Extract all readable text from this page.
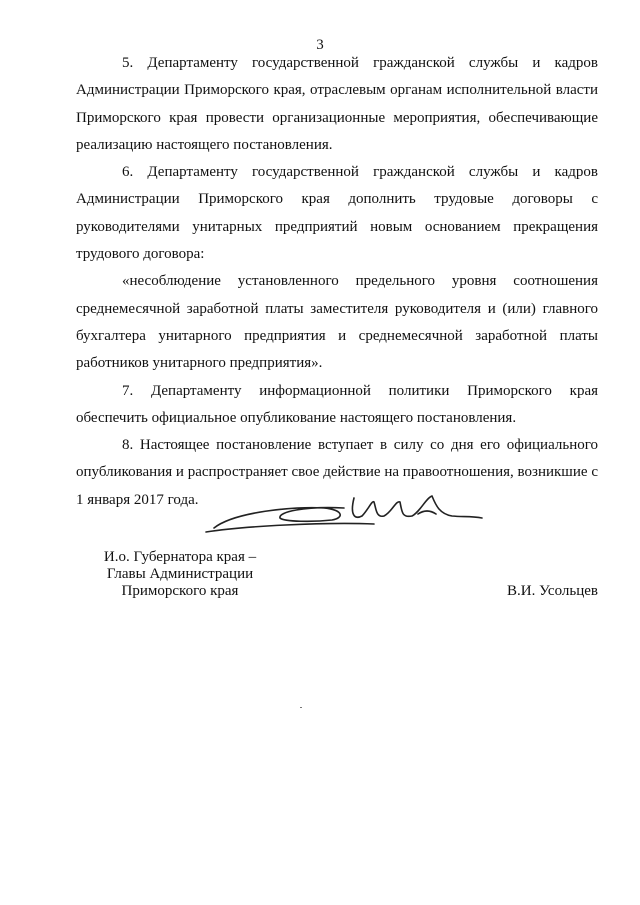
3

5. Департаменту государственной гражданской службы и кадров Администрации Приморского края, отраслевым органам исполнительной власти Приморского края провести организационные мероприятия, обеспечивающие реализацию настоящего постановления.

6. Департаменту государственной гражданской службы и кадров Администрации Приморского края дополнить трудовые договоры с руководителями унитарных предприятий новым основанием прекращения трудового договора:

«несоблюдение установленного предельного уровня соотношения среднемесячной заработной платы заместителя руководителя и (или) главного бухгалтера унитарного предприятия и среднемесячной заработной платы работников унитарного предприятия».

7. Департаменту информационной политики Приморского края обеспечить официальное опубликование настоящего постановления.

8. Настоящее постановление вступает в силу со дня его официального опубликования и распространяет свое действие на правоотношения, возникшие с 1 января 2017 года.

И.о. Губернатора края –
Главы Администрации
Приморского края	В.И. Усольцев
